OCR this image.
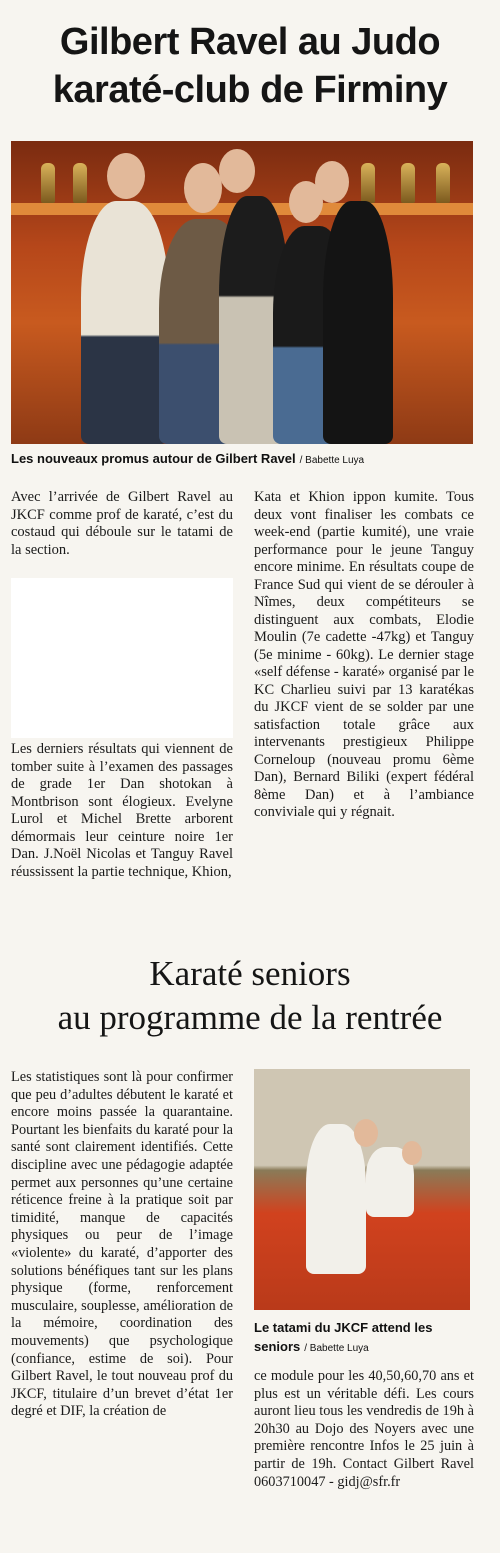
Gilbert Ravel au Judo
karaté-club de Firminy
Les nouveaux promus autour de Gilbert Ravel / Babette Luya

Avec l’arrivée de Gilbert Ravel au JKCF comme prof de karaté, c’est du costaud qui déboule sur le tatami de la section.

Les derniers résultats qui viennent de tomber suite à l’examen des passages de grade 1er Dan shotokan à Montbrison sont élogieux. Evelyne Lurol et Michel Brette arborent démormais leur ceinture noire 1er Dan. J.Noël Nicolas et Tanguy Ravel réussissent la partie technique, Khion,

Kata et Khion ippon kumite. Tous deux vont finaliser les combats ce week-end (partie kumité), une vraie performance pour le jeune Tanguy encore minime. En résultats coupe de France Sud qui vient de se dérouler à Nîmes, deux compétiteurs se distinguent aux combats, Elodie Moulin (7e cadette -47kg) et Tanguy (5e minime - 60kg). Le dernier stage «self défense - karaté» organisé par le KC Charlieu suivi par 13 karatékas du JKCF vient de se solder par une satisfaction totale grâce aux intervenants prestigieux Philippe Corneloup (nouveau promu 6ème Dan), Bernard Biliki (expert fédéral 8ème Dan) et à l’ambiance conviviale qui y régnait.

Karaté seniors
au programme de la rentrée

Les statistiques sont là pour confirmer que peu d’adultes débutent le karaté et encore moins passée la quarantaine. Pourtant les bienfaits du karaté pour la santé sont clairement identifiés. Cette discipline avec une pédagogie adaptée permet aux personnes qu’une certaine réticence freine à la pratique soit par timidité, manque de capacités physiques ou peur de l’image «violente» du karaté, d’apporter des solutions bénéfiques tant sur les plans physique (forme, renforcement musculaire, souplesse, amélioration de la mémoire, coordination des mouvements) que psychologique (confiance, estime de soi). Pour Gilbert Ravel, le tout nouveau prof du JKCF, titulaire d’un brevet d’état 1er degré et DIF, la création de

Le tatami du JKCF attend les seniors / Babette Luya

ce module pour les 40,50,60,70 ans et plus est un véritable défi. Les cours auront lieu tous les vendredis de 19h à 20h30 au Dojo des Noyers avec une première rencontre Infos le 25 juin à partir de 19h. Contact Gilbert Ravel 0603710047 - gidj@sfr.fr
